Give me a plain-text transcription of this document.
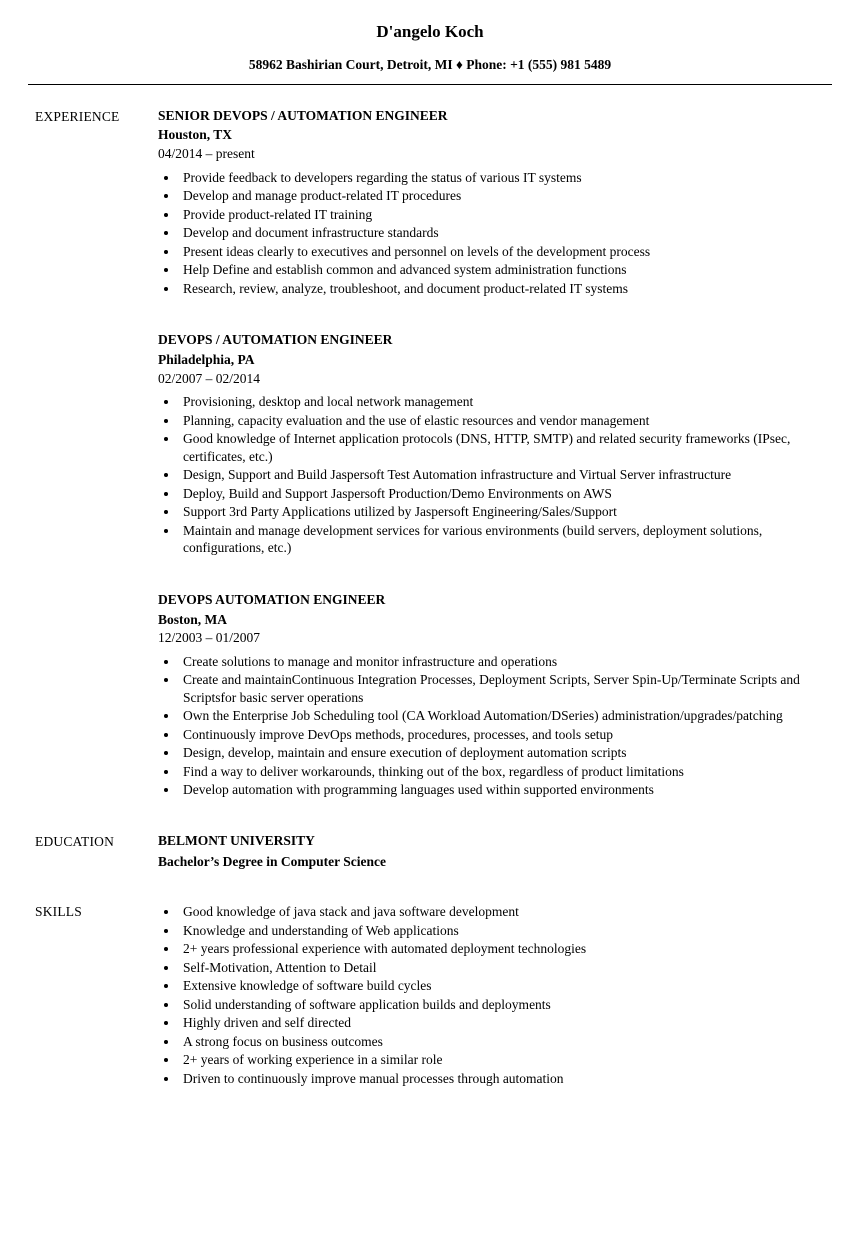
D'angelo Koch
58962 Bashirian Court, Detroit, MI ♦ Phone: +1 (555) 981 5489
EXPERIENCE	SENIOR DEVOPS / AUTOMATION ENGINEER
Houston, TX
04/2014 – present
• Provide feedback to developers regarding the status of various IT systems
• Develop and manage product-related IT procedures
• Provide product-related IT training
• Develop and document infrastructure standards
• Present ideas clearly to executives and personnel on levels of the development process
• Help Define and establish common and advanced system administration functions
• Research, review, analyze, troubleshoot, and document product-related IT systems
DEVOPS / AUTOMATION ENGINEER
Philadelphia, PA
02/2007 – 02/2014
• Provisioning, desktop and local network management
• Planning, capacity evaluation and the use of elastic resources and vendor management
• Good knowledge of Internet application protocols (DNS, HTTP, SMTP) and related security frameworks (IPsec, certificates, etc.)
• Design, Support and Build Jaspersoft Test Automation infrastructure and Virtual Server infrastructure
• Deploy, Build and Support Jaspersoft Production/Demo Environments on AWS
• Support 3rd Party Applications utilized by Jaspersoft Engineering/Sales/Support
• Maintain and manage development services for various environments (build servers, deployment solutions, configurations, etc.)
DEVOPS AUTOMATION ENGINEER
Boston, MA
12/2003 – 01/2007
• Create solutions to manage and monitor infrastructure and operations
• Create and maintainContinuous Integration Processes, Deployment Scripts, Server Spin-Up/Terminate Scripts and Scriptsfor basic server operations
• Own the Enterprise Job Scheduling tool (CA Workload Automation/DSeries) administration/upgrades/patching
• Continuously improve DevOps methods, procedures, processes, and tools setup
• Design, develop, maintain and ensure execution of deployment automation scripts
• Find a way to deliver workarounds, thinking out of the box, regardless of product limitations
• Develop automation with programming languages used within supported environments
EDUCATION	BELMONT UNIVERSITY
Bachelor’s Degree in Computer Science
SKILLS	• Good knowledge of java stack and java software development
• Knowledge and understanding of Web applications
• 2+ years professional experience with automated deployment technologies
• Self-Motivation, Attention to Detail
• Extensive knowledge of software build cycles
• Solid understanding of software application builds and deployments
• Highly driven and self directed
• A strong focus on business outcomes
• 2+ years of working experience in a similar role
• Driven to continuously improve manual processes through automation
